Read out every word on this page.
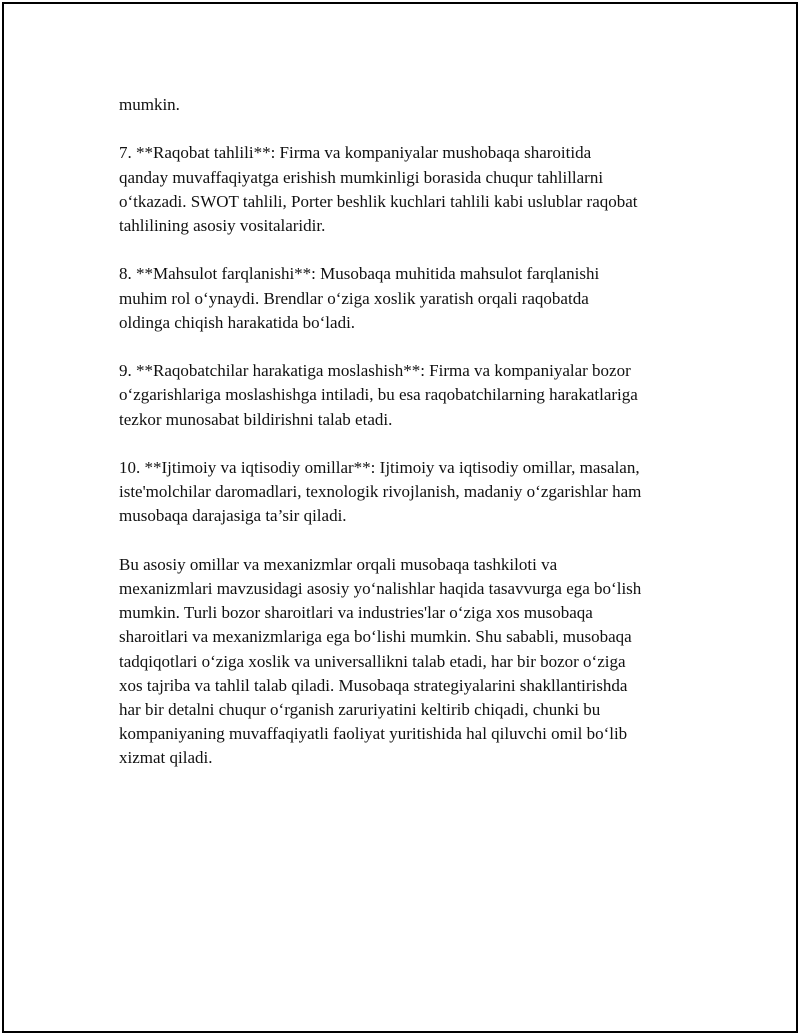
mumkin.

7. **Raqobat tahlili**: Firma va kompaniyalar mushobaqa sharoitida
qanday muvaffaqiyatga erishish mumkinligi borasida chuqur tahlillarni
o‘tkazadi. SWOT tahlili, Porter beshlik kuchlari tahlili kabi uslublar raqobat
tahlilining asosiy vositalaridir.

8. **Mahsulot farqlanishi**: Musobaqa muhitida mahsulot farqlanishi
muhim rol o‘ynaydi. Brendlar o‘ziga xoslik yaratish orqali raqobatda
oldinga chiqish harakatida bo‘ladi.

9. **Raqobatchilar harakatiga moslashish**: Firma va kompaniyalar bozor
o‘zgarishlariga moslashishga intiladi, bu esa raqobatchilarning harakatlariga
tezkor munosabat bildirishni talab etadi.

10. **Ijtimoiy va iqtisodiy omillar**: Ijtimoiy va iqtisodiy omillar, masalan,
iste'molchilar daromadlari, texnologik rivojlanish, madaniy o‘zgarishlar ham
musobaqa darajasiga ta’sir qiladi.

Bu asosiy omillar va mexanizmlar orqali musobaqa tashkiloti va
mexanizmlari mavzusidagi asosiy yo‘nalishlar haqida tasavvurga ega bo‘lish
mumkin. Turli bozor sharoitlari va industries'lar o‘ziga xos musobaqa
sharoitlari va mexanizmlariga ega bo‘lishi mumkin. Shu sababli, musobaqa
tadqiqotlari o‘ziga xoslik va universallikni talab etadi, har bir bozor o‘ziga
xos tajriba va tahlil talab qiladi. Musobaqa strategiyalarini shakllantirishda
har bir detalni chuqur o‘rganish zaruriyatini keltirib chiqadi, chunki bu
kompaniyaning muvaffaqiyatli faoliyat yuritishida hal qiluvchi omil bo‘lib
xizmat qiladi.
